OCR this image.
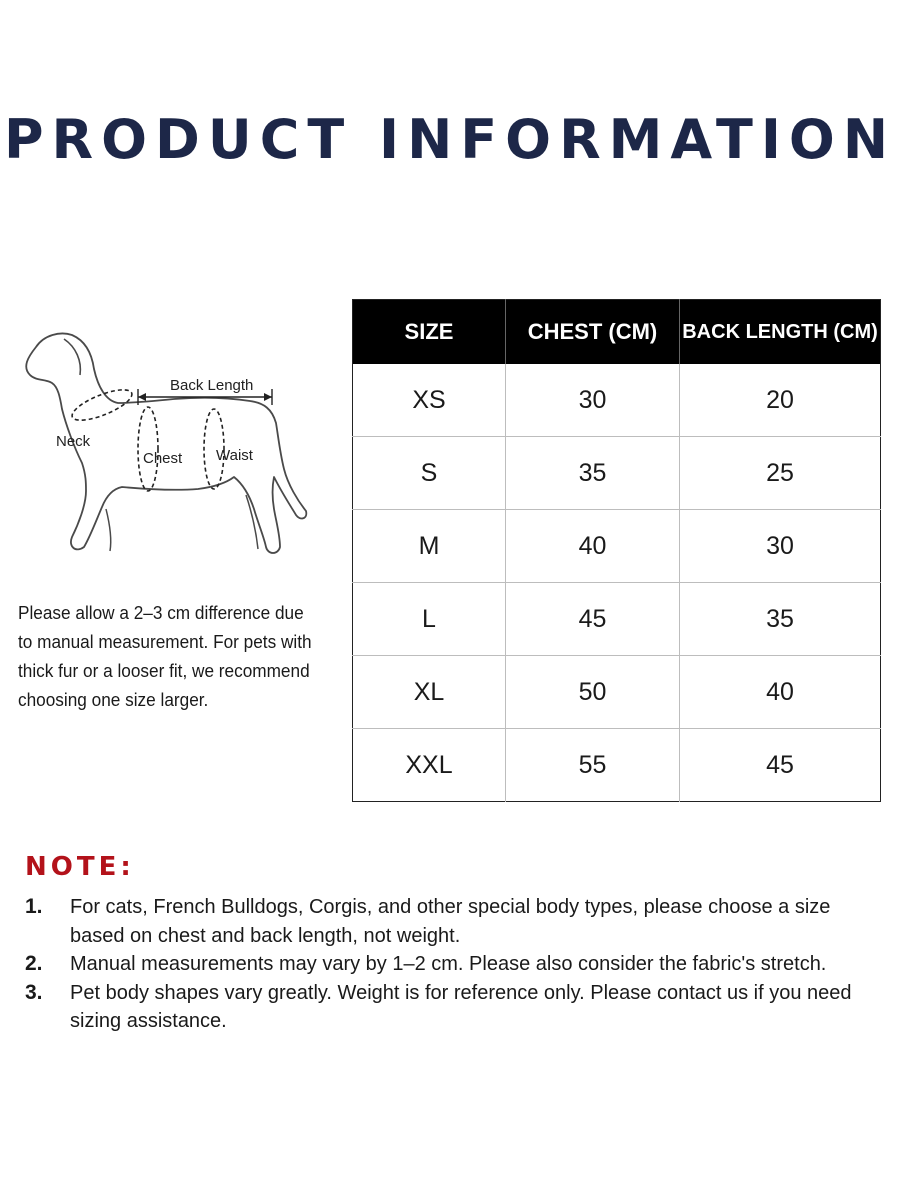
PRODUCT INFORMATION
Back Length
Neck
Chest Waist

Please allow a 2–3 cm difference due to manual measurement. For pets with thick fur or a looser fit, we recommend choosing one size larger.

SIZE	CHEST (CM)	BACK LENGTH (CM)
XS	30	20
S	35	25
M	40	30
L	45	35
XL	50	40
XXL	55	45
NOTE:
1. For cats, French Bulldogs, Corgis, and other special body types, please choose a size based on chest and back length, not weight.
2. Manual measurements may vary by 1–2 cm. Please also consider the fabric's stretch.
3. Pet body shapes vary greatly. Weight is for reference only. Please contact us if you need sizing assistance.
